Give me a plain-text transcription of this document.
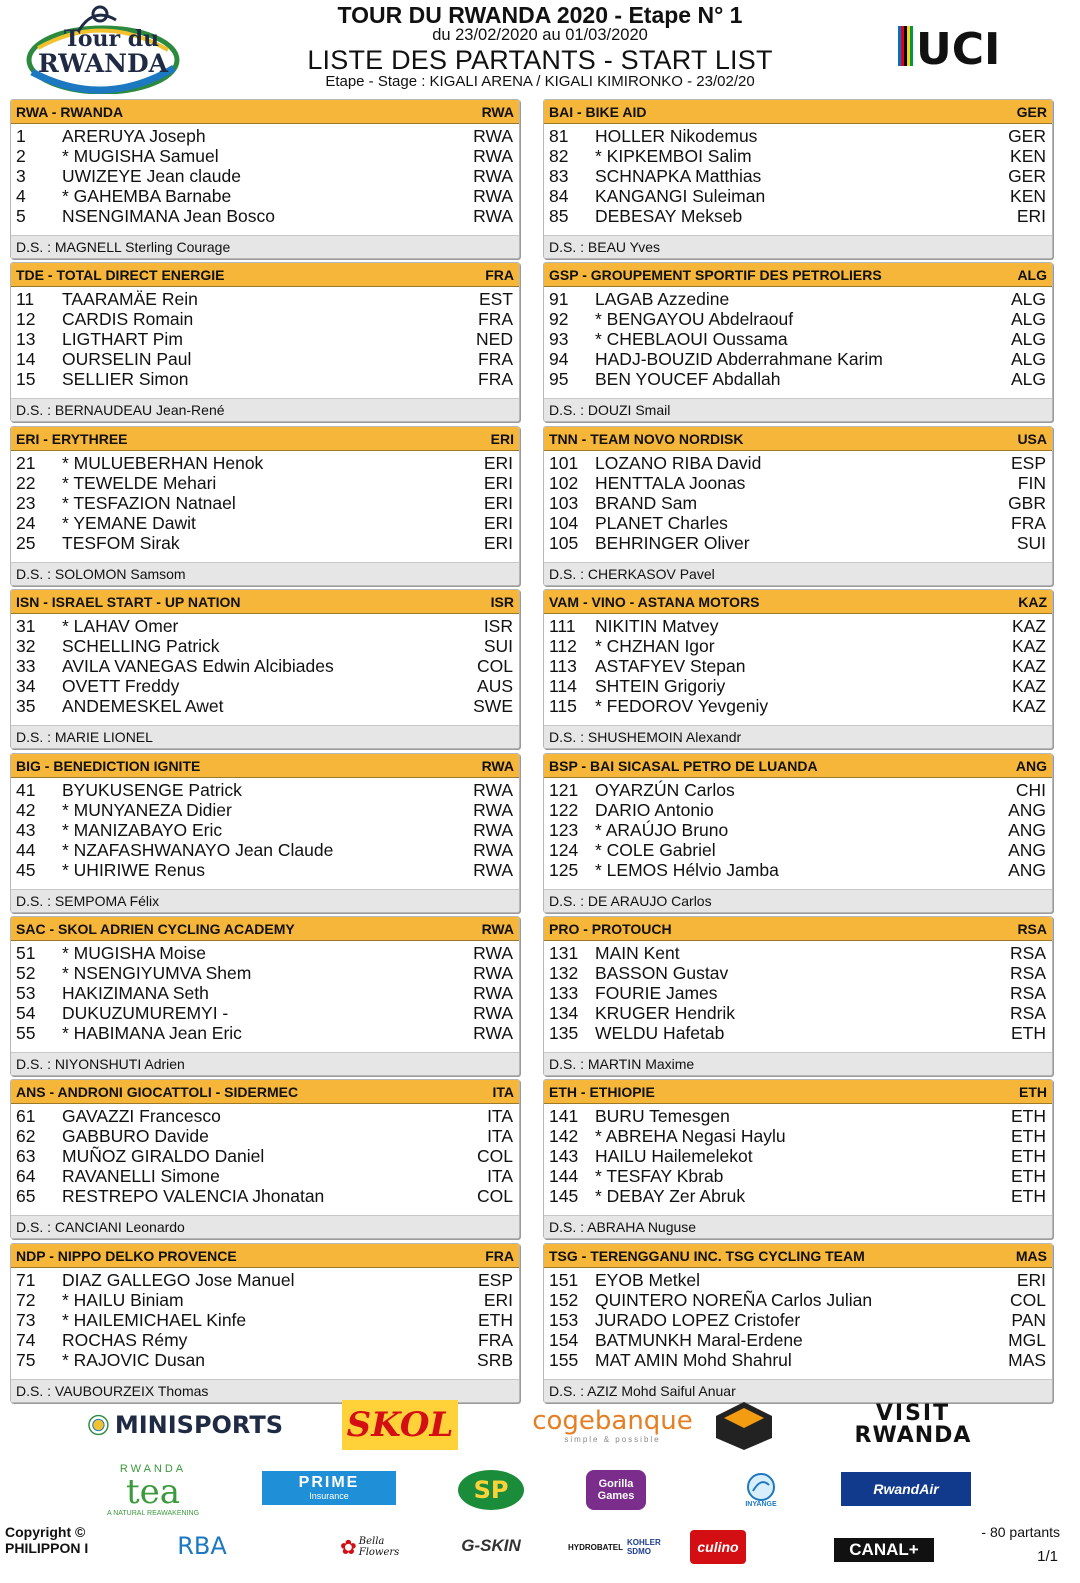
Tour du
RWANDA
TOUR DU RWANDA 2020 - Etape N° 1
du 23/02/2020 au 01/03/2020
LISTE DES PARTANTS - START LIST
Etape - Stage : KIGALI ARENA / KIGALI KIMIRONKO - 23/02/20
UCI
RWA - RWANDA	RWA
1	ARERUYA Joseph	RWA
2	* MUGISHA Samuel	RWA
3	UWIZEYE Jean claude	RWA
4	* GAHEMBA Barnabe	RWA
5	NSENGIMANA Jean Bosco	RWA
D.S. : MAGNELL Sterling Courage
BAI - BIKE AID	GER
81	HOLLER Nikodemus	GER
82	* KIPKEMBOI Salim	KEN
83	SCHNAPKA Matthias	GER
84	KANGANGI Suleiman	KEN
85	DEBESAY Mekseb	ERI
D.S. : BEAU Yves
TDE - TOTAL DIRECT ENERGIE	FRA
11	TAARAMÄE Rein	EST
12	CARDIS Romain	FRA
13	LIGTHART Pim	NED
14	OURSELIN Paul	FRA
15	SELLIER Simon	FRA
D.S. : BERNAUDEAU Jean-René
GSP - GROUPEMENT SPORTIF DES PETROLIERS	ALG
91	LAGAB Azzedine	ALG
92	* BENGAYOU Abdelraouf	ALG
93	* CHEBLAOUI Oussama	ALG
94	HADJ-BOUZID Abderrahmane Karim	ALG
95	BEN YOUCEF Abdallah	ALG
D.S. : DOUZI Smail
ERI - ERYTHREE	ERI
21	* MULUEBERHAN Henok	ERI
22	* TEWELDE Mehari	ERI
23	* TESFAZION Natnael	ERI
24	* YEMANE Dawit	ERI
25	TESFOM Sirak	ERI
D.S. : SOLOMON Samsom
TNN - TEAM NOVO NORDISK	USA
101 LOZANO RIBA David	ESP
102 HENTTALA Joonas	FIN
103 BRAND Sam	GBR
104 PLANET Charles	FRA
105 BEHRINGER Oliver	SUI
D.S. : CHERKASOV Pavel
ISN - ISRAEL START - UP NATION	ISR
31	* LAHAV Omer	ISR
32	SCHELLING Patrick	SUI
33	AVILA VANEGAS Edwin Alcibiades	COL
34	OVETT Freddy	AUS
35	ANDEMESKEL Awet	SWE
D.S. : MARIE LIONEL
VAM - VINO - ASTANA MOTORS	KAZ
111	NIKITIN Matvey	KAZ
112	* CHZHAN Igor	KAZ
113	ASTAFYEV Stepan	KAZ
114	SHTEIN Grigoriy	KAZ
115	* FEDOROV Yevgeniy	KAZ
D.S. : SHUSHEMOIN Alexandr
BIG - BENEDICTION IGNITE	RWA
41	BYUKUSENGE Patrick	RWA
42	* MUNYANEZA Didier	RWA
43	* MANIZABAYO Eric	RWA
44	* NZAFASHWANAYO Jean Claude	RWA
45	* UHIRIWE Renus	RWA
D.S. : SEMPOMA Félix
BSP - BAI SICASAL PETRO DE LUANDA	ANG
121 OYARZÚN Carlos	CHI
122 DARIO Antonio	ANG
123 * ARAÚJO Bruno	ANG
124 * COLE Gabriel	ANG
125 * LEMOS Hélvio Jamba	ANG
D.S. : DE ARAUJO Carlos
SAC - SKOL ADRIEN CYCLING ACADEMY	RWA
51	* MUGISHA Moise	RWA
52	* NSENGIYUMVA Shem	RWA
53	HAKIZIMANA Seth	RWA
54	DUKUZUMUREMYI -	RWA
55	* HABIMANA Jean Eric	RWA
D.S. : NIYONSHUTI Adrien
PRO - PROTOUCH	RSA
131 MAIN Kent	RSA
132 BASSON Gustav	RSA
133 FOURIE James	RSA
134 KRUGER Hendrik	RSA
135 WELDU Hafetab	ETH
D.S. : MARTIN Maxime
ANS - ANDRONI GIOCATTOLI - SIDERMEC	ITA
61	GAVAZZI Francesco	ITA
62	GABBURO Davide	ITA
63	MUÑOZ GIRALDO Daniel	COL
64	RAVANELLI Simone	ITA
65	RESTREPO VALENCIA Jhonatan	COL
D.S. : CANCIANI Leonardo
ETH - ETHIOPIE	ETH
141 BURU Temesgen	ETH
142 * ABREHA Negasi Haylu	ETH
143 HAILU Hailemelekot	ETH
144 * TESFAY Kbrab	ETH
145 * DEBAY Zer Abruk	ETH
D.S. : ABRAHA Nuguse
NDP - NIPPO DELKO PROVENCE	FRA
71	DIAZ GALLEGO Jose Manuel	ESP
72	* HAILU Biniam	ERI
73	* HAILEMICHAEL Kinfe	ETH
74	ROCHAS Rémy	FRA
75	* RAJOVIC Dusan	SRB
D.S. : VAUBOURZEIX Thomas
TSG - TERENGGANU INC. TSG CYCLING TEAM	MAS
151 EYOB Metkel	ERI
152 QUINTERO NOREÑA Carlos Julian	COL
153 JURADO LOPEZ Cristofer	PAN
154 BATMUNKH Maral-Erdene	MGL
155 MAT AMIN Mohd Shahrul	MAS
D.S. : AZIZ Mohd Saiful Anuar
MINISPORTS SKOL	cogebanque
simple & possible
VISIT
RWANDA
RWANDA
tea
A NATURAL REAWAKENING
PRIME
Insurance	SP	Gorilla Games
INYANGE
RwandAir
RBA	✿ Bella Flowers	G-SKIN	HYDROBATEL KOHLER SDMO	culino	CANAL+
Copyright ©
PHILIPPON I
- 80 partants
1/1
